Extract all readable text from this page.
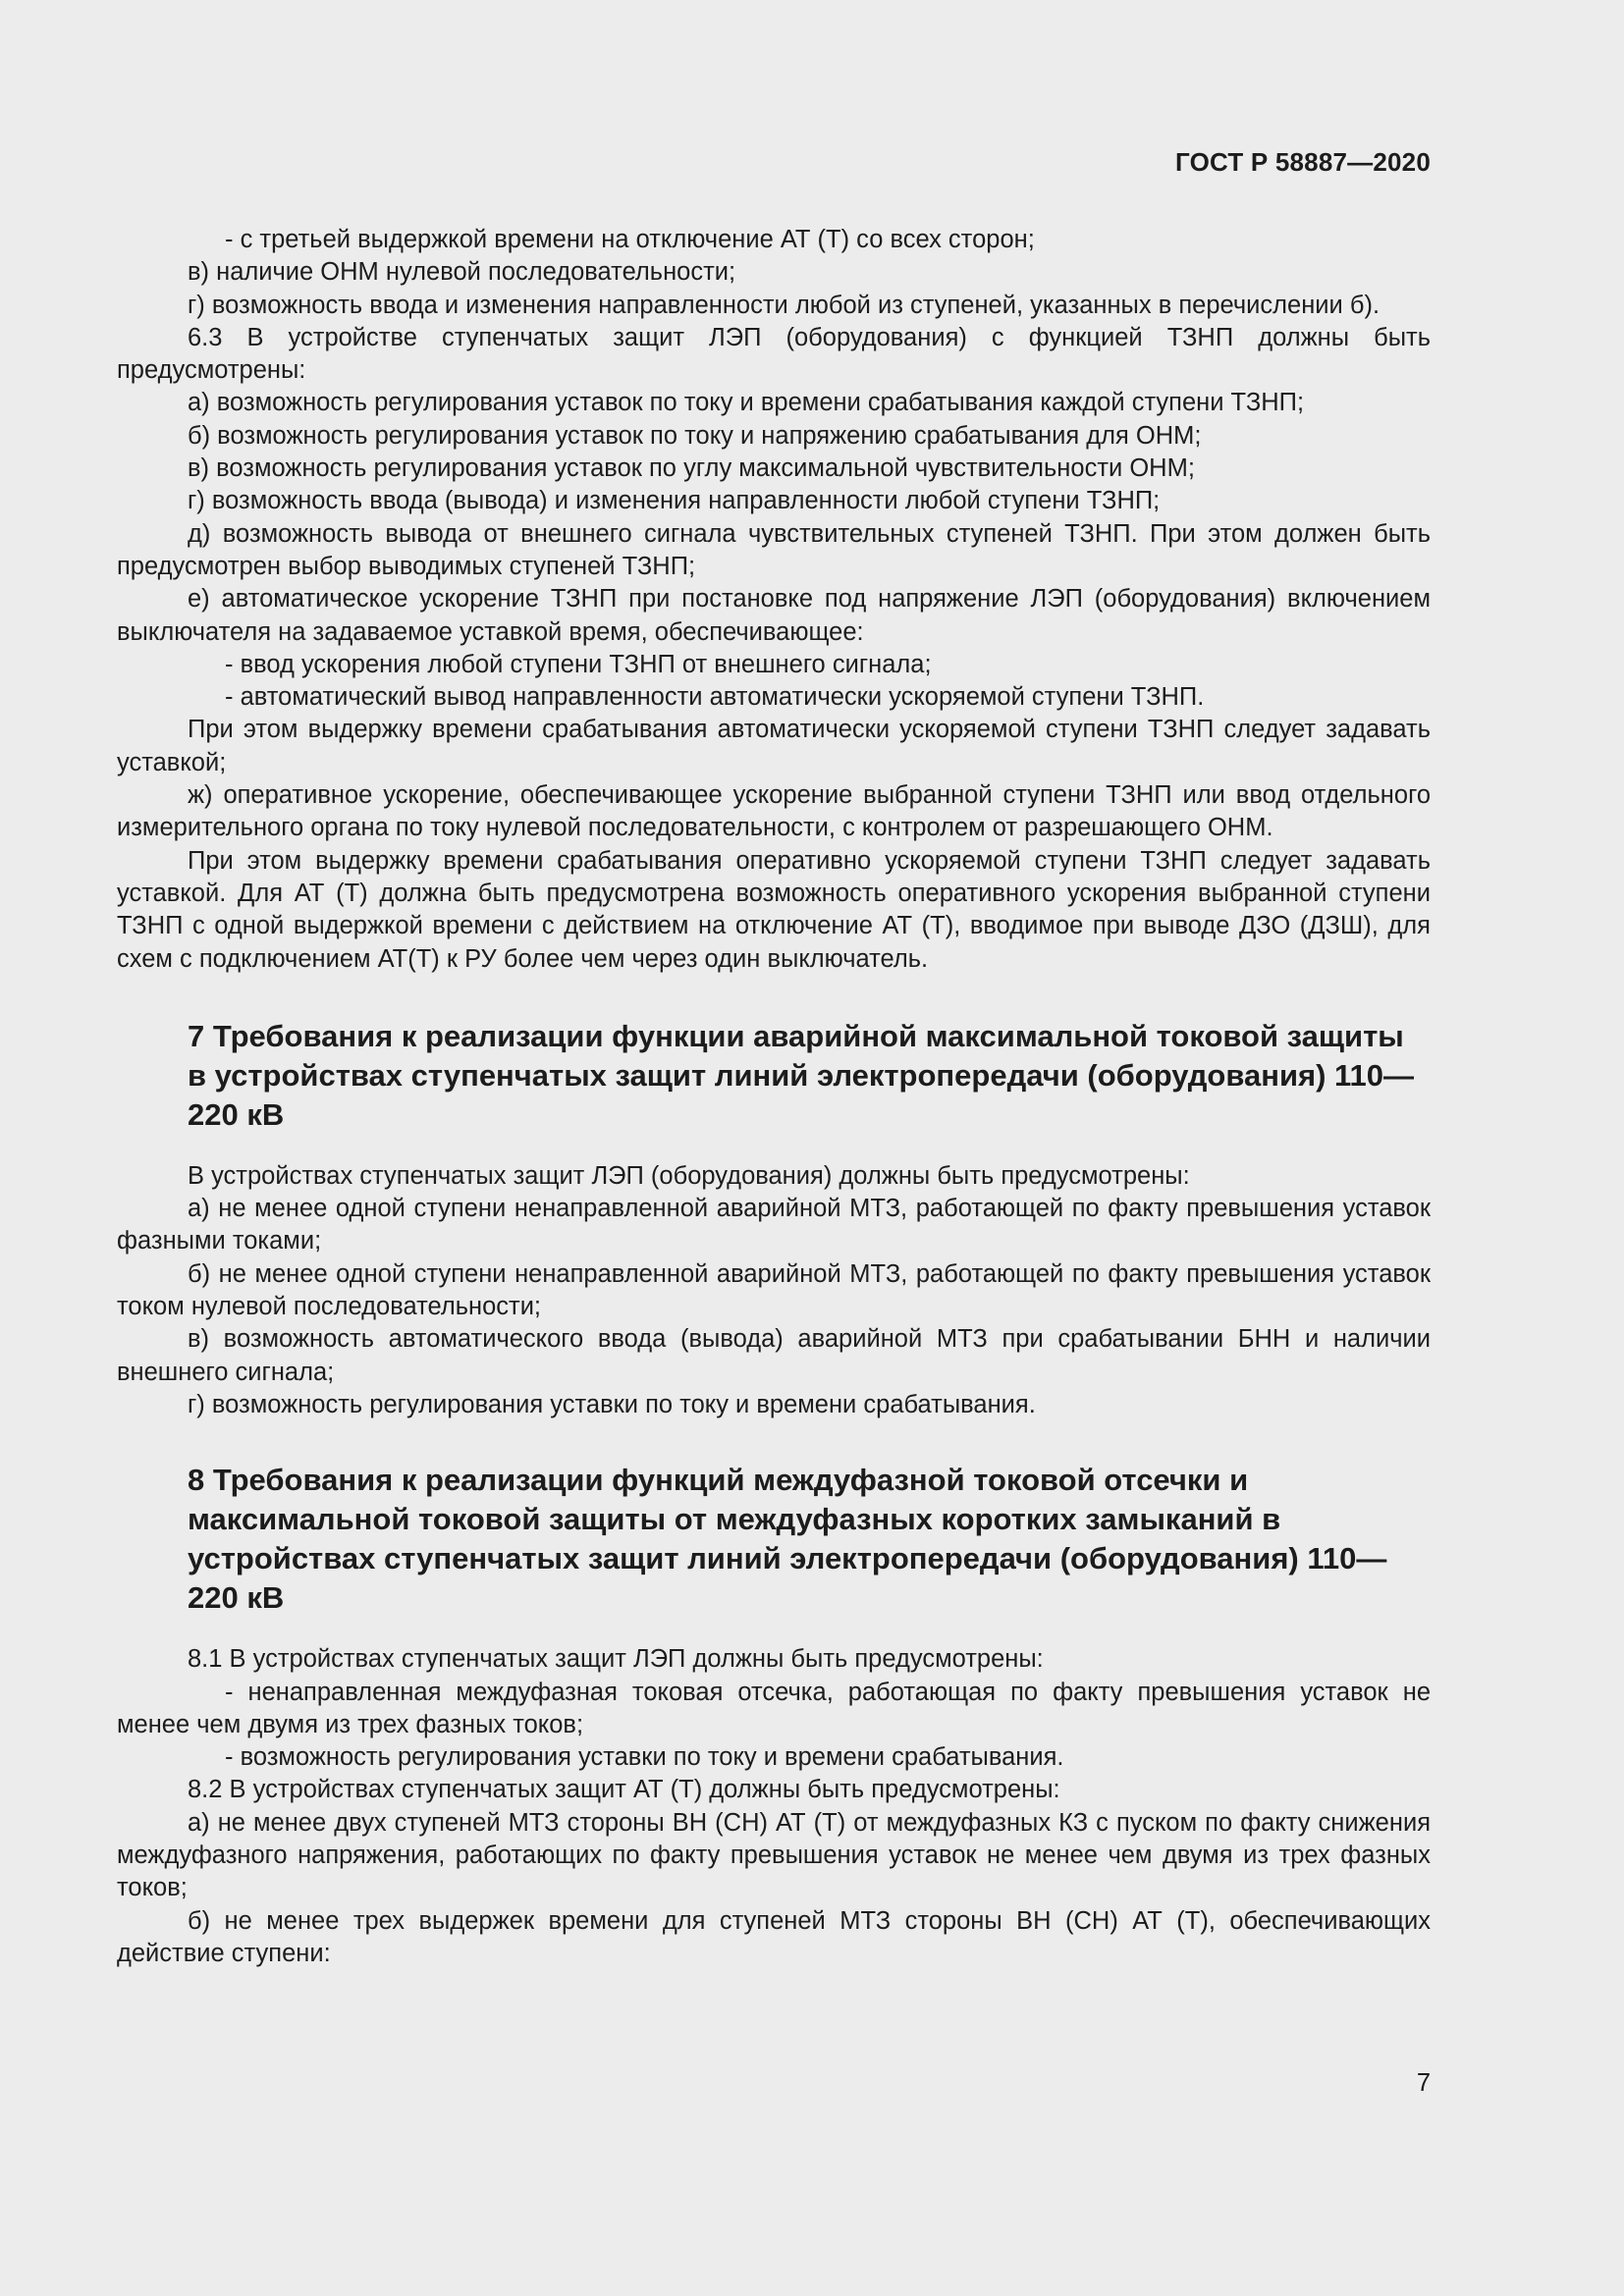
ГОСТ Р 58887—2020

- с третьей выдержкой времени на отключение АТ (Т) со всех сторон;

в) наличие ОНМ нулевой последовательности;

г) возможность ввода и изменения направленности любой из ступеней, указанных в перечислении б).

6.3 В устройстве ступенчатых защит ЛЭП (оборудования) с функцией ТЗНП должны быть предусмотрены:

а) возможность регулирования уставок по току и времени срабатывания каждой ступени ТЗНП;

б) возможность регулирования уставок по току и напряжению срабатывания для ОНМ;

в) возможность регулирования уставок по углу максимальной чувствительности ОНМ;

г) возможность ввода (вывода) и изменения направленности любой ступени ТЗНП;

д) возможность вывода от внешнего сигнала чувствительных ступеней ТЗНП. При этом должен быть предусмотрен выбор выводимых ступеней ТЗНП;

е) автоматическое ускорение ТЗНП при постановке под напряжение ЛЭП (оборудования) включением выключателя на задаваемое уставкой время, обеспечивающее:

- ввод ускорения любой ступени ТЗНП от внешнего сигнала;

- автоматический вывод направленности автоматически ускоряемой ступени ТЗНП.

При этом выдержку времени срабатывания автоматически ускоряемой ступени ТЗНП следует задавать уставкой;

ж) оперативное ускорение, обеспечивающее ускорение выбранной ступени ТЗНП или ввод отдельного измерительного органа по току нулевой последовательности, с контролем от разрешающего ОНМ.

При этом выдержку времени срабатывания оперативно ускоряемой ступени ТЗНП следует задавать уставкой. Для АТ (Т) должна быть предусмотрена возможность оперативного ускорения выбранной ступени ТЗНП с одной выдержкой времени с действием на отключение АТ (Т), вводимое при выводе ДЗО (ДЗШ), для схем с подключением АТ(Т) к РУ более чем через один выключатель.

7 Требования к реализации функции аварийной максимальной токовой защиты в устройствах ступенчатых защит линий электропередачи (оборудования) 110—220 кВ

В устройствах ступенчатых защит ЛЭП (оборудования) должны быть предусмотрены:

а) не менее одной ступени ненаправленной аварийной МТЗ, работающей по факту превышения уставок фазными токами;

б) не менее одной ступени ненаправленной аварийной МТЗ, работающей по факту превышения уставок током нулевой последовательности;

в) возможность автоматического ввода (вывода) аварийной МТЗ при срабатывании БНН и наличии внешнего сигнала;

г) возможность регулирования уставки по току и времени срабатывания.

8 Требования к реализации функций междуфазной токовой отсечки и максимальной токовой защиты от междуфазных коротких замыканий в устройствах ступенчатых защит линий электропередачи (оборудования) 110—220 кВ

8.1 В устройствах ступенчатых защит ЛЭП должны быть предусмотрены:

- ненаправленная междуфазная токовая отсечка, работающая по факту превышения уставок не менее чем двумя из трех фазных токов;

- возможность регулирования уставки по току и времени срабатывания.

8.2 В устройствах ступенчатых защит АТ (Т) должны быть предусмотрены:

а) не менее двух ступеней МТЗ стороны ВН (СН) АТ (Т) от междуфазных КЗ с пуском по факту снижения междуфазного напряжения, работающих по факту превышения уставок не менее чем двумя из трех фазных токов;

б) не менее трех выдержек времени для ступеней МТЗ стороны ВН (СН) АТ (Т), обеспечивающих действие ступени:

7
